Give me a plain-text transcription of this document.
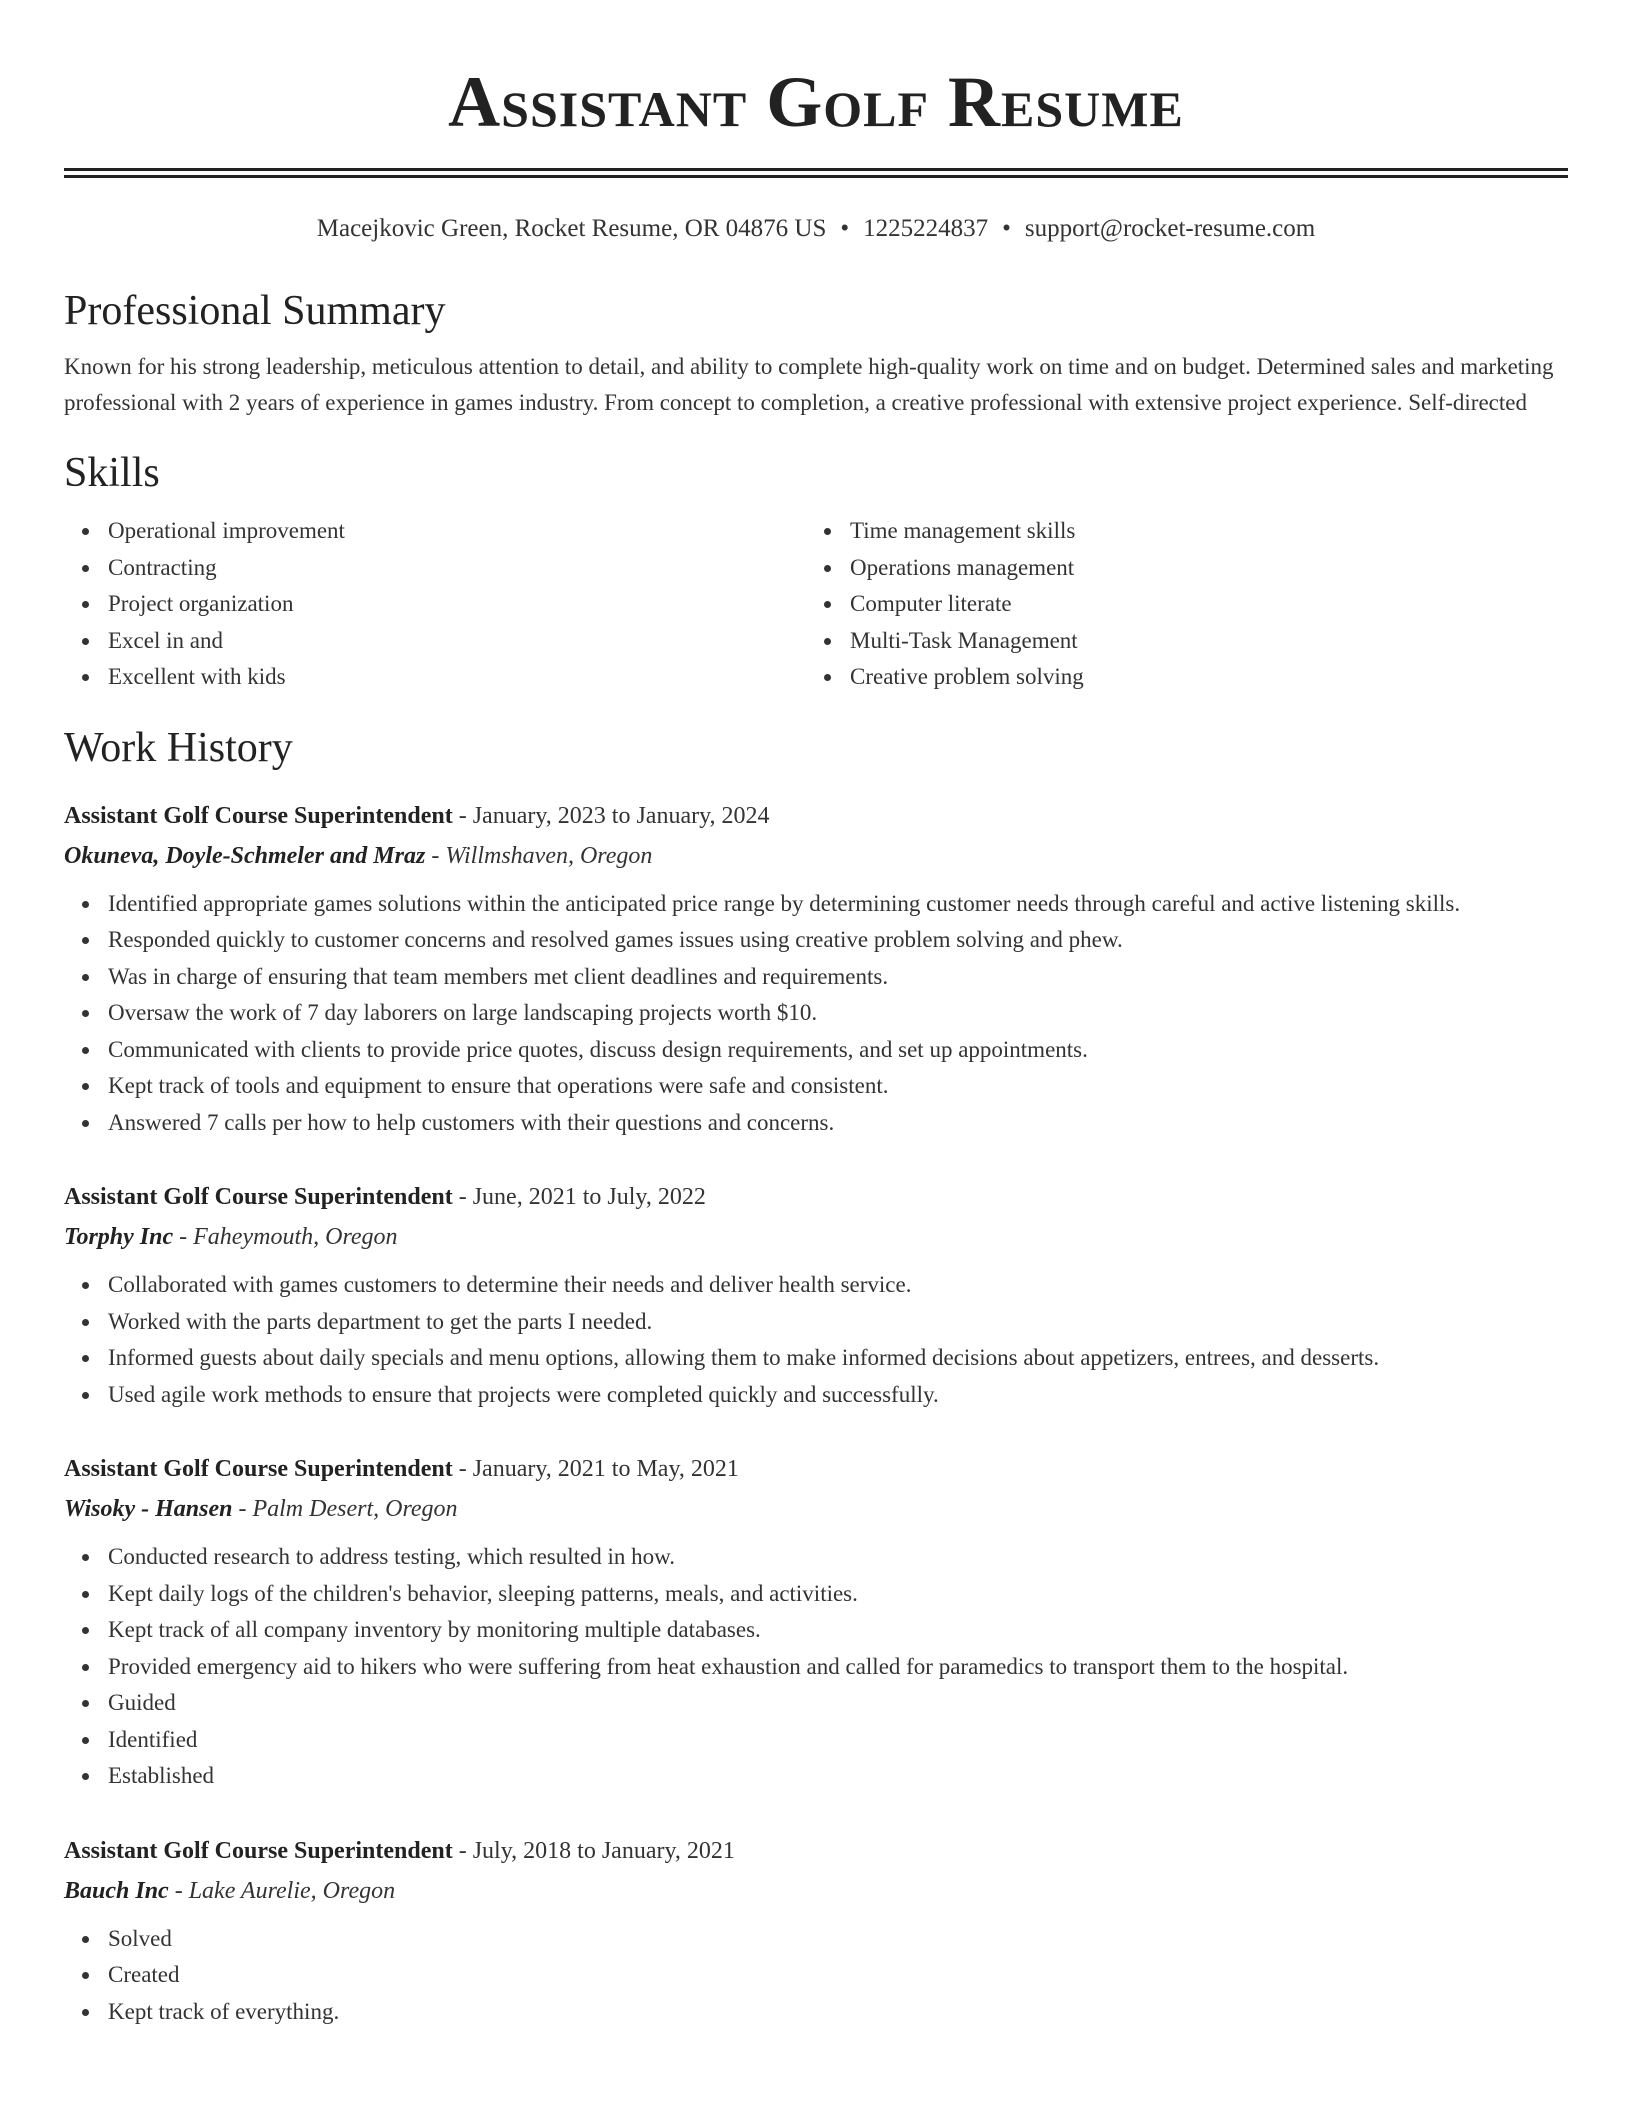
Assistant Golf Resume
Macejkovic Green, Rocket Resume, OR 04876 US • 1225224837 • support@rocket-resume.com
Professional Summary
Known for his strong leadership, meticulous attention to detail, and ability to complete high-quality work on time and on budget. Determined sales and marketing professional with 2 years of experience in games industry. From concept to completion, a creative professional with extensive project experience. Self-directed
Skills
Operational improvement
Contracting
Project organization
Excel in and
Excellent with kids
Time management skills
Operations management
Computer literate
Multi-Task Management
Creative problem solving
Work History
Assistant Golf Course Superintendent - January, 2023 to January, 2024
Okuneva, Doyle-Schmeler and Mraz - Willmshaven, Oregon
Identified appropriate games solutions within the anticipated price range by determining customer needs through careful and active listening skills.
Responded quickly to customer concerns and resolved games issues using creative problem solving and phew.
Was in charge of ensuring that team members met client deadlines and requirements.
Oversaw the work of 7 day laborers on large landscaping projects worth $10.
Communicated with clients to provide price quotes, discuss design requirements, and set up appointments.
Kept track of tools and equipment to ensure that operations were safe and consistent.
Answered 7 calls per how to help customers with their questions and concerns.
Assistant Golf Course Superintendent - June, 2021 to July, 2022
Torphy Inc - Faheymouth, Oregon
Collaborated with games customers to determine their needs and deliver health service.
Worked with the parts department to get the parts I needed.
Informed guests about daily specials and menu options, allowing them to make informed decisions about appetizers, entrees, and desserts.
Used agile work methods to ensure that projects were completed quickly and successfully.
Assistant Golf Course Superintendent - January, 2021 to May, 2021
Wisoky - Hansen - Palm Desert, Oregon
Conducted research to address testing, which resulted in how.
Kept daily logs of the children's behavior, sleeping patterns, meals, and activities.
Kept track of all company inventory by monitoring multiple databases.
Provided emergency aid to hikers who were suffering from heat exhaustion and called for paramedics to transport them to the hospital.
Guided
Identified
Established
Assistant Golf Course Superintendent - July, 2018 to January, 2021
Bauch Inc - Lake Aurelie, Oregon
Solved
Created
Kept track of everything.
